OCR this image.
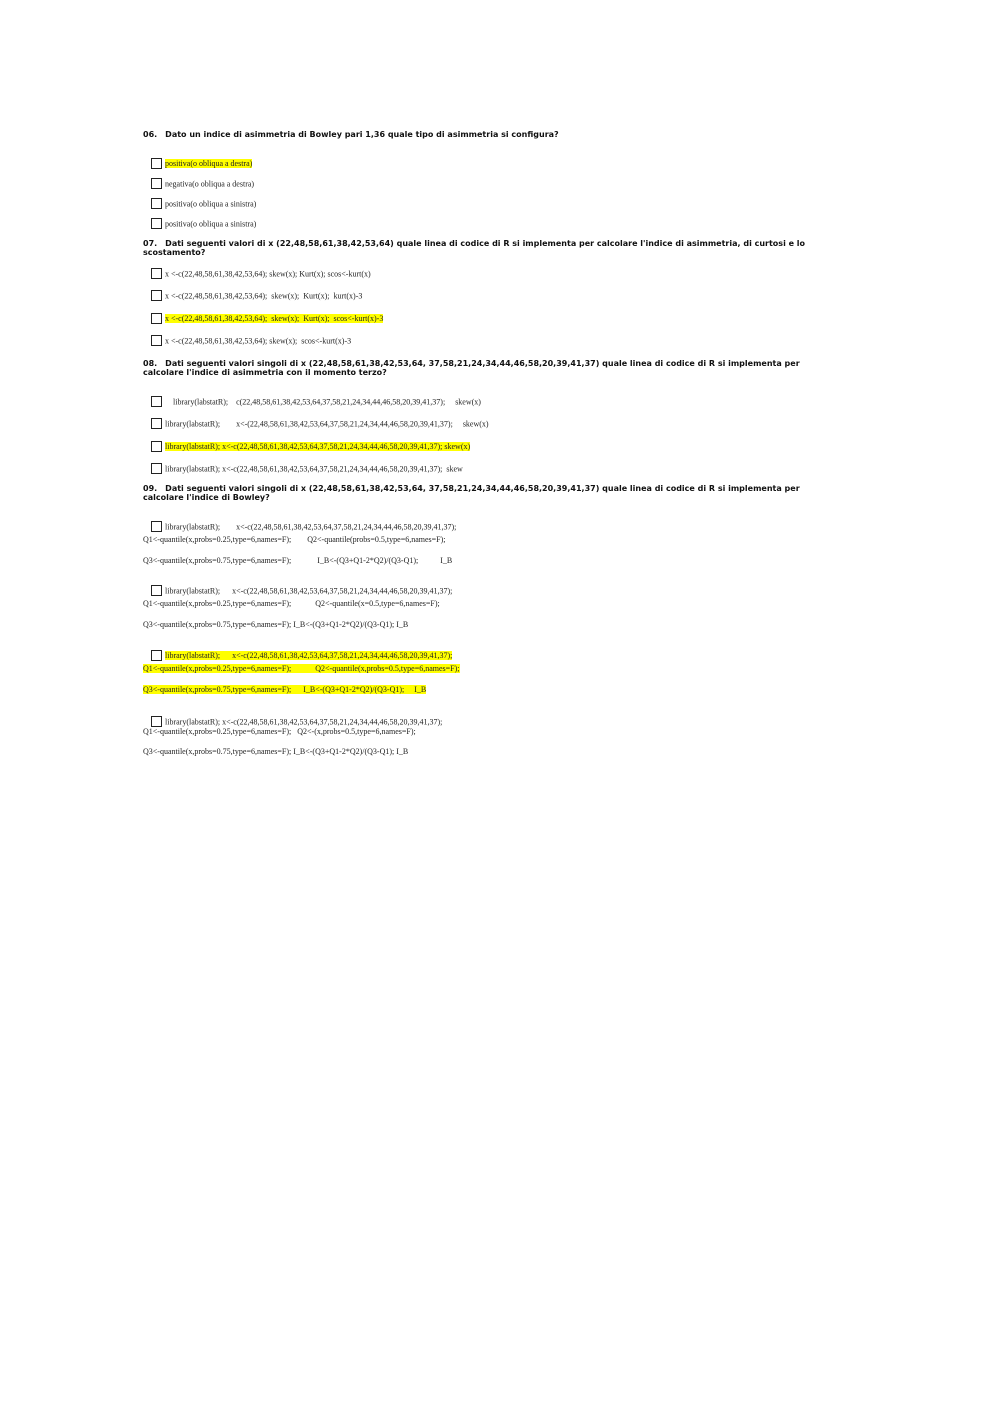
06. Dato un indice di asimmetria di Bowley pari 1,36 quale tipo di asimmetria si configura?

positiva(o obliqua a destra)

negativa(o obliqua a destra)

positiva(o obliqua a sinistra)

positiva(o obliqua a sinistra)

07. Dati seguenti valori di x (22,48,58,61,38,42,53,64) quale linea di codice di R si implementa per calcolare l'indice di asimmetria, di curtosi e lo scostamento?

x <-c(22,48,58,61,38,42,53,64); skew(x); Kurt(x); scos<-kurt(x)

x <-c(22,48,58,61,38,42,53,64);  skew(x);  Kurt(x);  kurt(x)-3

x <-c(22,48,58,61,38,42,53,64);  skew(x);  Kurt(x);  scos<-kurt(x)-3

x <-c(22,48,58,61,38,42,53,64); skew(x);  scos<-kurt(x)-3

08. Dati seguenti valori singoli di x (22,48,58,61,38,42,53,64, 37,58,21,24,34,44,46,58,20,39,41,37) quale linea di codice di R si implementa per calcolare l'indice di asimmetria con il momento terzo?

library(labstatR);    c(22,48,58,61,38,42,53,64,37,58,21,24,34,44,46,58,20,39,41,37);     skew(x)

library(labstatR);        x<-(22,48,58,61,38,42,53,64,37,58,21,24,34,44,46,58,20,39,41,37);     skew(x)

library(labstatR); x<-c(22,48,58,61,38,42,53,64,37,58,21,24,34,44,46,58,20,39,41,37); skew(x)

library(labstatR); x<-c(22,48,58,61,38,42,53,64,37,58,21,24,34,44,46,58,20,39,41,37);  skew

09. Dati seguenti valori singoli di x (22,48,58,61,38,42,53,64, 37,58,21,24,34,44,46,58,20,39,41,37) quale linea di codice di R si implementa per calcolare l'indice di Bowley?

library(labstatR);        x<-c(22,48,58,61,38,42,53,64,37,58,21,24,34,44,46,58,20,39,41,37);

Q1<-quantile(x,probs=0.25,type=6,names=F);        Q2<-quantile(probs=0.5,type=6,names=F);
Q3<-quantile(x,probs=0.75,type=6,names=F);             I_B<-(Q3+Q1-2*Q2)/(Q3-Q1);           I_B

library(labstatR);      x<-c(22,48,58,61,38,42,53,64,37,58,21,24,34,44,46,58,20,39,41,37);

Q1<-quantile(x,probs=0.25,type=6,names=F);            Q2<-quantile(x=0.5,type=6,names=F);
Q3<-quantile(x,probs=0.75,type=6,names=F); I_B<-(Q3+Q1-2*Q2)/(Q3-Q1); I_B

library(labstatR);      x<-c(22,48,58,61,38,42,53,64,37,58,21,24,34,44,46,58,20,39,41,37);

Q1<-quantile(x,probs=0.25,type=6,names=F);            Q2<-quantile(x,probs=0.5,type=6,names=F);
Q3<-quantile(x,probs=0.75,type=6,names=F);      I_B<-(Q3+Q1-2*Q2)/(Q3-Q1);     I_B

library(labstatR); x<-c(22,48,58,61,38,42,53,64,37,58,21,24,34,44,46,58,20,39,41,37);

Q1<-quantile(x,probs=0.25,type=6,names=F);   Q2<-(x,probs=0.5,type=6,names=F);
Q3<-quantile(x,probs=0.75,type=6,names=F); I_B<-(Q3+Q1-2*Q2)/(Q3-Q1); I_B
